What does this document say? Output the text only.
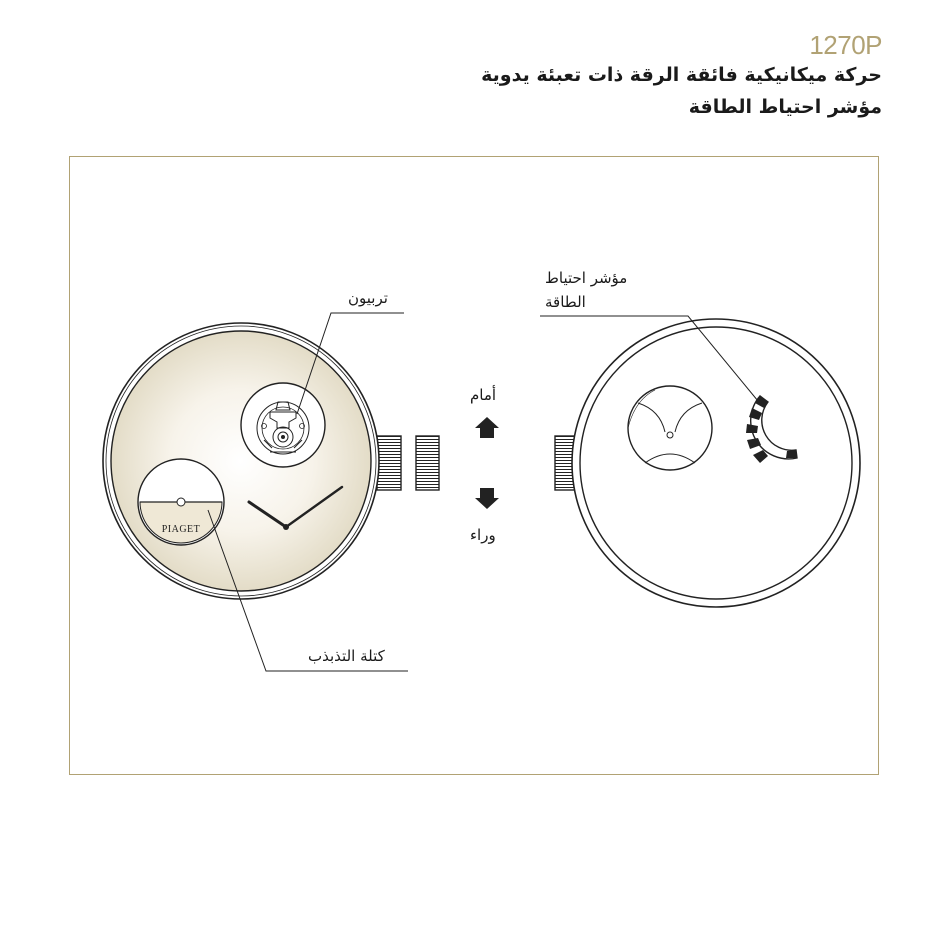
1270P
حركة ميكانيكية فائقة الرقة ذات تعبئة يدوية
مؤشر احتياط الطاقة
PIAGET
تربيون
مؤشر احتياط
الطاقة
أمام
وراء
كتلة التذبذب
